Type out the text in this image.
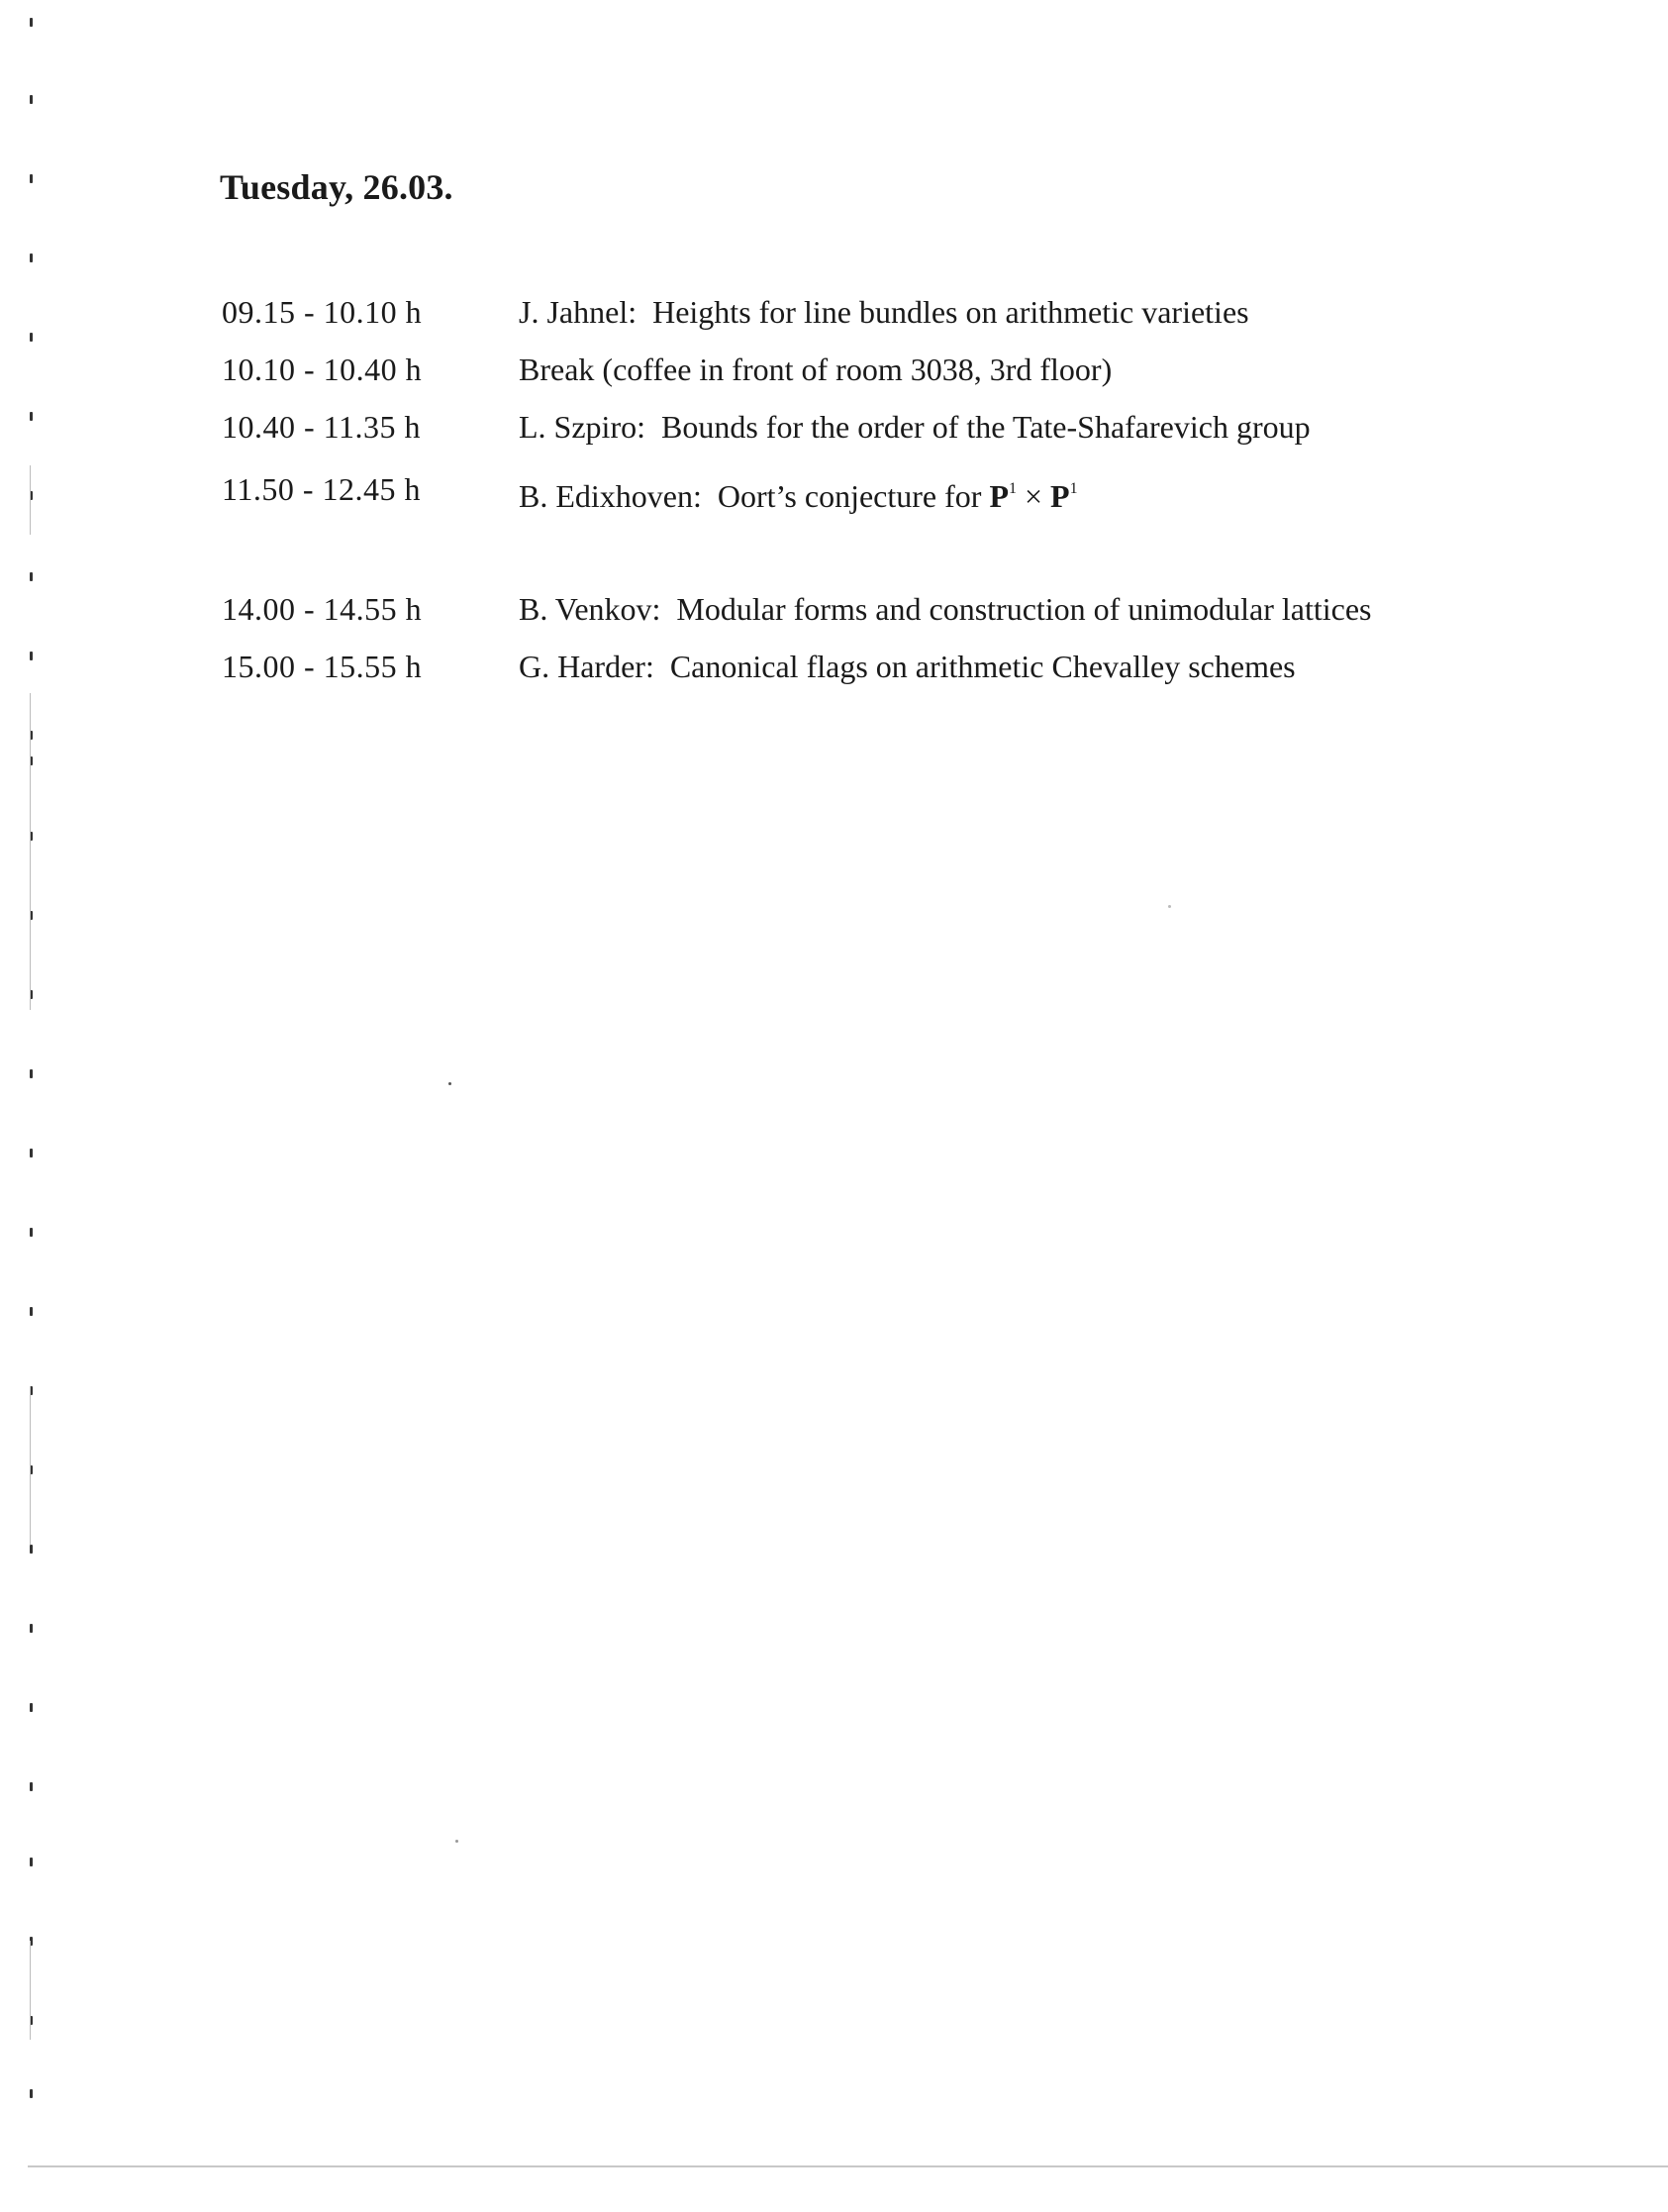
Tuesday, 26.03.
09.15 - 10.10 h	J. Jahnel: Heights for line bundles on arithmetic varieties
10.10 - 10.40 h	Break (coffee in front of room 3038, 3rd floor)
10.40 - 11.35 h	L. Szpiro: Bounds for the order of the Tate-Shafarevich group
11.50 - 12.45 h	B. Edixhoven: Oort’s conjecture for $P^1 \times P^1$
14.00 - 14.55 h	B. Venkov: Modular forms and construction of unimodular lattices
15.00 - 15.55 h	G. Harder: Canonical flags on arithmetic Chevalley schemes
